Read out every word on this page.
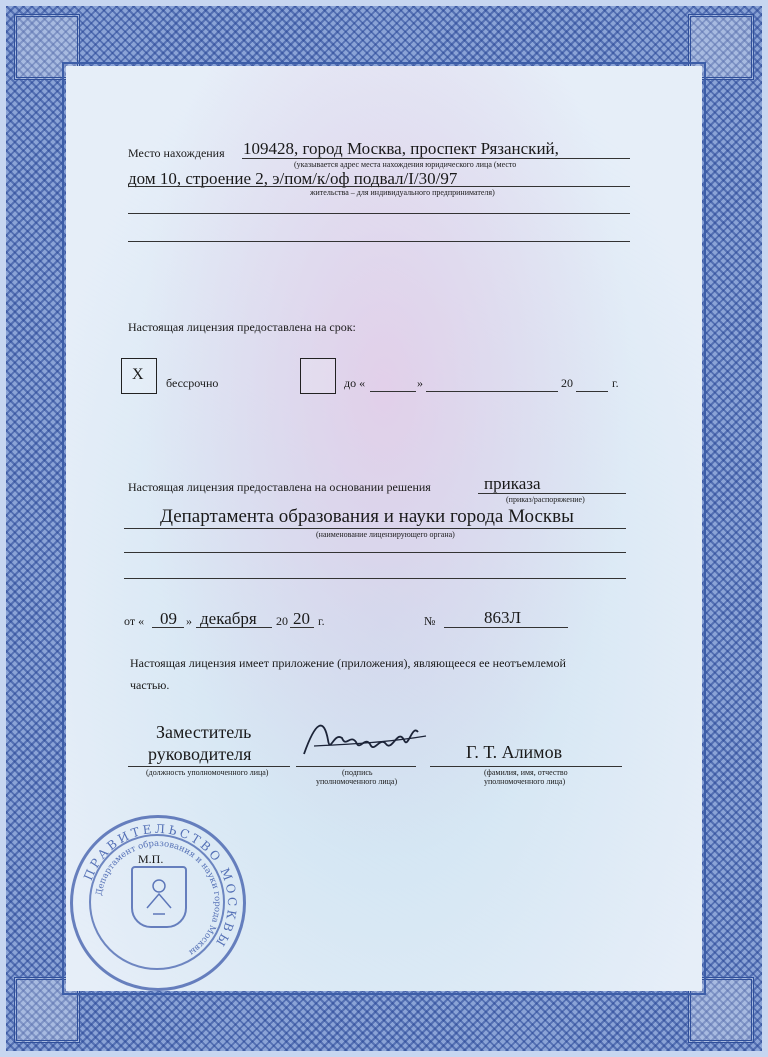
Место нахождения 109428, город Москва, проспект Рязанский,
(указывается адрес места нахождения юридического лица (место
дом 10, строение 2, э/пом/к/оф подвал/I/30/97
жительства – для индивидуального предпринимателя)
Настоящая лицензия предоставлена на срок:
X бессрочно	до «	»	20	г.
Настоящая лицензия предоставлена на основании решения	приказа
(приказ/распоряжение)
Департамента образования и науки города Москвы
(наименование лицензирующего органа)
от « 09 » декабря 20 20 г.	№	863Л
Настоящая лицензия имеет приложение (приложения), являющееся ее неотъемлемой
частью.
Заместитель
руководителя
(должность уполномоченного лица)	(подпись
уполномоченного лица)
Г. Т. Алимов
(фамилия, имя, отчество
уполномоченного лица)
ПРАВИТЕЛЬСТВО МОСКВЫ
Департамент образования и науки города Москвы
М.П.
